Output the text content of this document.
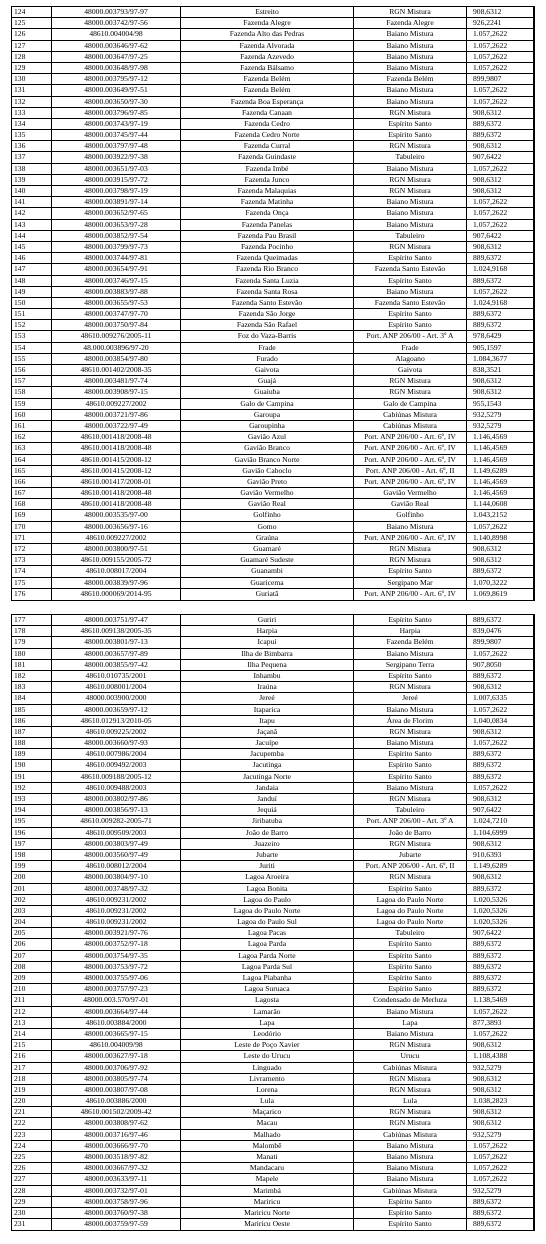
124	48000.003793/97-97	Estreito	RGN Mistura	908,6312
125	48000.003742/97-56	Fazenda Alegre	Fazenda Alegre	926,2241
126	48610.004004/98	Fazenda Alto das Pedras	Baiano Mistura	1.057,2622
127	48000.003646/97-62	Fazenda Alvorada	Baiano Mistura	1.057,2622
128	48000.003647/97-25	Fazenda Azevedo	Baiano Mistura	1.057,2622
129	48000.003648/97-98	Fazenda Bálsamo	Baiano Mistura	1.057,2622
130	48000.003795/97-12	Fazenda Belém	Fazenda Belém	899,9807
131	48000.003649/97-51	Fazenda Belém	Baiano Mistura	1.057,2622
132	48000.003650/97-30	Fazenda Boa Esperança	Baiano Mistura	1.057,2622
133	48000.003796/97-85	Fazenda Canaan	RGN Mistura	908,6312
134	48000.003743/97-19	Fazenda Cedro	Espírito Santo	889,6372
135	48000.003745/97-44	Fazenda Cedro Norte	Espírito Santo	889,6372
136	48000.003797/97-48	Fazenda Curral	RGN Mistura	908,6312
137	48000.003922/97-38	Fazenda Guindaste	Tabuleiro	907,6422
138	48000.003651/97-03	Fazenda Imbé	Baiano Mistura	1.057,2622
139	48000.003915/97-72	Fazenda Junco	RGN Mistura	908,6312
140	48000.003798/97-19	Fazenda Malaquias	RGN Mistura	908,6312
141	48000.003891/97-14	Fazenda Matinha	Baiano Mistura	1.057,2622
142	48000.003652/97-65	Fazenda Onça	Baiano Mistura	1.057,2622
143	48000.003653/97-28	Fazenda Panelas	Baiano Mistura	1.057,2622
144	48000.003852/97-54	Fazenda Pau Brasil	Tabuleiro	907,6422
145	48000.003799/97-73	Fazenda Pocinho	RGN Mistura	908,6312
146	48000.003744/97-81	Fazenda Queimadas	Espírito Santo	889,6372
147	48000.003654/97-91	Fazenda Rio Branco	Fazenda Santo Estevão	1.024,9168
148	48000.003746/97-15	Fazenda Santa Luzia	Espírito Santo	889,6372
149	48000.003883/97-88	Fazenda Santa Rosa	Baiano Mistura	1.057,2622
150	48000.003655/97-53	Fazenda Santo Estevão	Fazenda Santo Estevão	1.024,9168
151	48000.003747/97-70	Fazenda São Jorge	Espírito Santo	889,6372
152	48000.003750/97-84	Fazenda São Rafael	Espírito Santo	889,6372
153	48610.009276/2005-11	Foz do Vaza-Barris	Port. ANP 206/00 - Art. 3º A	978,6429
154	48.000.003896/97-20	Frade	Frade	905,1597
155	48000.003854/97-80	Furado	Alagoano	1.084,3677
156	48610.001402/2008-35	Gaivota	Gaivota	838,3521
157	48000.003481/97-74	Guajá	RGN Mistura	908,6312
158	48000.003908/97-15	Guaiuba	RGN Mistura	908,6312
159	48610.009227/2002	Galo de Campina	Galo de Campina	955,1543
160	48000.003721/97-86	Garoupa	Cabiúnas Mistura	932,5279
161	48000.003722/97-49	Garoupinha	Cabiúnas Mistura	932,5279
162	48610.001418/2008-48	Gavião Azul	Port. ANP 206/00 - Art. 6º, IV	1.146,4569
163	48610.001418/2008-48	Gavião Branco	Port. ANP 206/00 - Art. 6º, IV	1.146,4569
164	48610.001415/2008-12	Gavião Branco Norte	Port. ANP 206/00 - Art. 6º, IV	1.146,4569
165	48610.001415/2008-12	Gavião Caboclo	Port. ANP 206/00 - Art. 6º, II	1.149,6289
166	48610.001417/2008-01	Gavião Preto	Port. ANP 206/00 - Art. 6º, IV	1.146,4569
167	48610.001418/2008-48	Gavião Vermelho	Gavião Vermelho	1.146,4569
168	48610.001418/2008-48	Gavião Real	Gavião Real	1.144,0608
169	48000.003535/97-00	Golfinho	Golfinho	1.043,2152
170	48000.003656/97-16	Gomo	Baiano Mistura	1.057,2622
171	48610.009227/2002	Graúna	Port. ANP 206/00 - Art. 6º, IV	1.140,8998
172	48000.003800/97-51	Guamaré	RGN Mistura	908,6312
173	48610.009155/2005-72	Guamaré Sudeste	RGN Mistura	908,6312
174	48610.008017/2004	Guanambi	Espírito Santo	889,6372
175	48000.003839/97-96	Guaricema	Sergipano Mar	1.070,3222
176	48610.000069/2014-95	Guriatã	Port. ANP 206/00 - Art. 6º, IV	1.069,8619
177	48000.003751/97-47	Guriri	Espírito Santo	889,6372
178	48610.009138/2005-35	Harpia	Harpia	839,0476
179	48000.003801/97-13	Icapuí	Fazenda Belém	899,9807
180	48000.003657/97-89	Ilha de Bimbarra	Baiano Mistura	1.057,2622
181	48000.003855/97-42	Ilha Pequena	Sergipano Terra	907,8050
182	48610.010735/2001	Inhambu	Espírito Santo	889,6372
183	48610.008001/2004	Iraúna	RGN Mistura	908,6312
184	48000.003900/2000	Jereé	Jereé	1.007,6335
185	48000.003659/97-12	Itaparica	Baiano Mistura	1.057,2622
186	48610.012913/2010-05	Itapu	Área de Florim	1.040,0834
187	48610.009225/2002	Jaçanã	RGN Mistura	908,6312
188	48000.003660/97-93	Jacuípe	Baiano Mistura	1.057,2622
189	48610.007986/2004	Jacupemba	Espírito Santo	889,6372
190	48610.009492/2003	Jacutinga	Espírito Santo	889,6372
191	48610.009188/2005-12	Jacutinga Norte	Espírito Santo	889,6372
192	48610.009488/2003	Jandaia	Baiano Mistura	1.057,2622
193	48000.003802/97-86	Janduí	RGN Mistura	908,6312
194	48000.003856/97-13	Jequiá	Tabuleiro	907,6422
195	48610.009282-2005-71	Jiribatuba	Port. ANP 206/00 - Art. 3º A	1.024,7210
196	48610.009509/2003	João de Barro	João de Barro	1.104,6999
197	48000.003803/97-49	Juazeiro	RGN Mistura	908,6312
198	48000.003560/97-49	Jubarte	Jubarte	910,6393
199	48610.008012/2004	Juriti	Port. ANP 206/00 - Art. 6º, II	1.149,6289
200	48000.003804/97-10	Lagoa Aroeira	RGN Mistura	908,6312
201	48000.003748/97-32	Lagoa Bonita	Espírito Santo	889,6372
202	48610.009231/2002	Lagoa do Paulo	Lagoa do Paulo Norte	1.020,5326
203	48610.009231/2002	Lagoa do Paulo Norte	Lagoa do Paulo Norte	1.020,5326
204	48610.009231/2002	Lagoa do Paulo Sul	Lagoa do Paulo Norte	1.020,5326
205	48000.003921/97-76	Lagoa Pacas	Tabuleiro	907,6422
206	48000.003752/97-18	Lagoa Parda	Espírito Santo	889,6372
207	48000.003754/97-35	Lagoa Parda Norte	Espírito Santo	889,6372
208	48000.003753/97-72	Lagoa Parda Sul	Espírito Santo	889,6372
209	48000.003755/97-06	Lagoa Piabanha	Espírito Santo	889,6372
210	48000.003757/97-23	Lagoa Suruaca	Espírito Santo	889,6372
211	48000.003.570/97-01	Lagosta	Condensado de Merluza	1.138,5469
212	48000.003664/97-44	Lamarão	Baiano Mistura	1.057,2622
213	48610.003884/2000	Lapa	Lapa	877,3893
214	48000.003665/97-15	Leodório	Baiano Mistura	1.057,2622
215	48610.004009/98	Leste de Poço Xavier	RGN Mistura	908,6312
216	48000.003627/97-18	Leste do Urucu	Urucu	1.108,4388
217	48000.003706/97-92	Linguado	Cabiúnas Mistura	932,5279
218	48000.003805/97-74	Livramento	RGN Mistura	908,6312
219	48000.003807/97-08	Lorena	RGN Mistura	908,6312
220	48610.003886/2000	Lula	Lula	1.038,2823
221	48610.001502/2009-42	Maçarico	RGN Mistura	908,6312
222	48000.003808/97-62	Macau	RGN Mistura	908,6312
223	48000.003716/97-46	Malhado	Cabiúnas Mistura	932,5279
224	48000.003666/97-70	Malombê	Baiano Mistura	1.057,2622
225	48000.003518/97-82	Manati	Baiano Mistura	1.057,2622
226	48000.003667/97-32	Mandacaru	Baiano Mistura	1.057,2622
227	48000.003633/97-11	Mapele	Baiano Mistura	1.057,2622
228	48000.003732/97-01	Marimbá	Cabiúnas Mistura	932,5279
229	48000.003758/97-96	Mariricu	Espírito Santo	889,6372
230	48000.003760/97-38	Mariricu Norte	Espírito Santo	889,6372
231	48000.003759/97-59	Mariricu Oeste	Espírito Santo	889,6372
